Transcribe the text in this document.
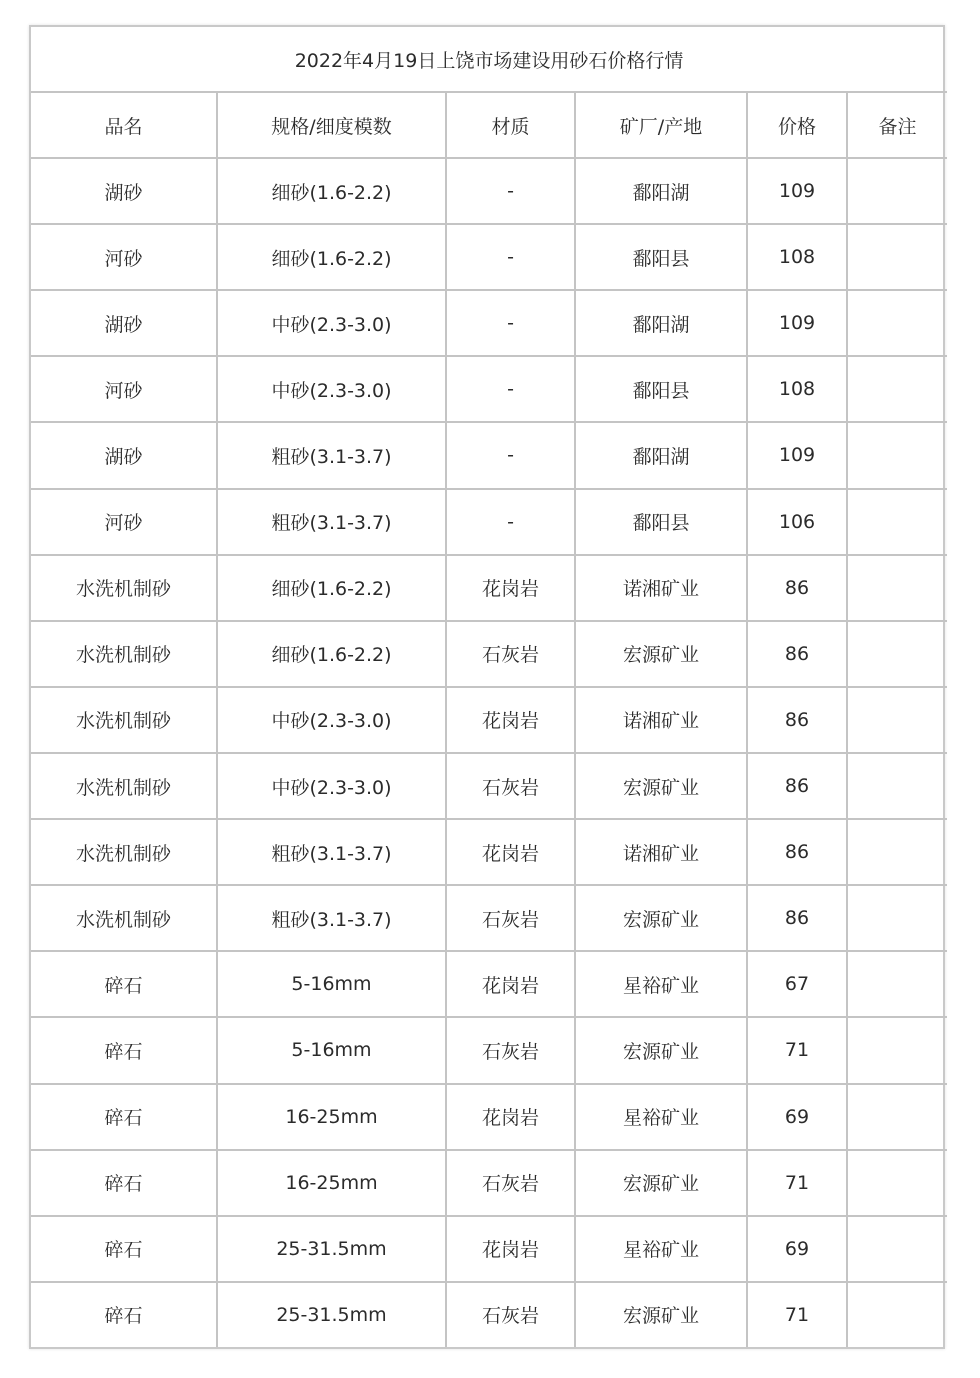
2022年4月19日上饶市场建设用砂石价格行情					
品名	规格/细度模数	材质	矿厂/产地	价格	备注
湖砂	细砂(1.6-2.2)	-	鄱阳湖	109	
河砂	细砂(1.6-2.2)	-	鄱阳县	108	
湖砂	中砂(2.3-3.0)	-	鄱阳湖	109	
河砂	中砂(2.3-3.0)	-	鄱阳县	108	
湖砂	粗砂(3.1-3.7)	-	鄱阳湖	109	
河砂	粗砂(3.1-3.7)	-	鄱阳县	106	
水洗机制砂	细砂(1.6-2.2)	花岗岩	诺湘矿业	86	
水洗机制砂	细砂(1.6-2.2)	石灰岩	宏源矿业	86	
水洗机制砂	中砂(2.3-3.0)	花岗岩	诺湘矿业	86	
水洗机制砂	中砂(2.3-3.0)	石灰岩	宏源矿业	86	
水洗机制砂	粗砂(3.1-3.7)	花岗岩	诺湘矿业	86	
水洗机制砂	粗砂(3.1-3.7)	石灰岩	宏源矿业	86	
碎石	5-16mm	花岗岩	星裕矿业	67	
碎石	5-16mm	石灰岩	宏源矿业	71	
碎石	16-25mm	花岗岩	星裕矿业	69	
碎石	16-25mm	石灰岩	宏源矿业	71	
碎石	25-31.5mm	花岗岩	星裕矿业	69	
碎石	25-31.5mm	石灰岩	宏源矿业	71	
